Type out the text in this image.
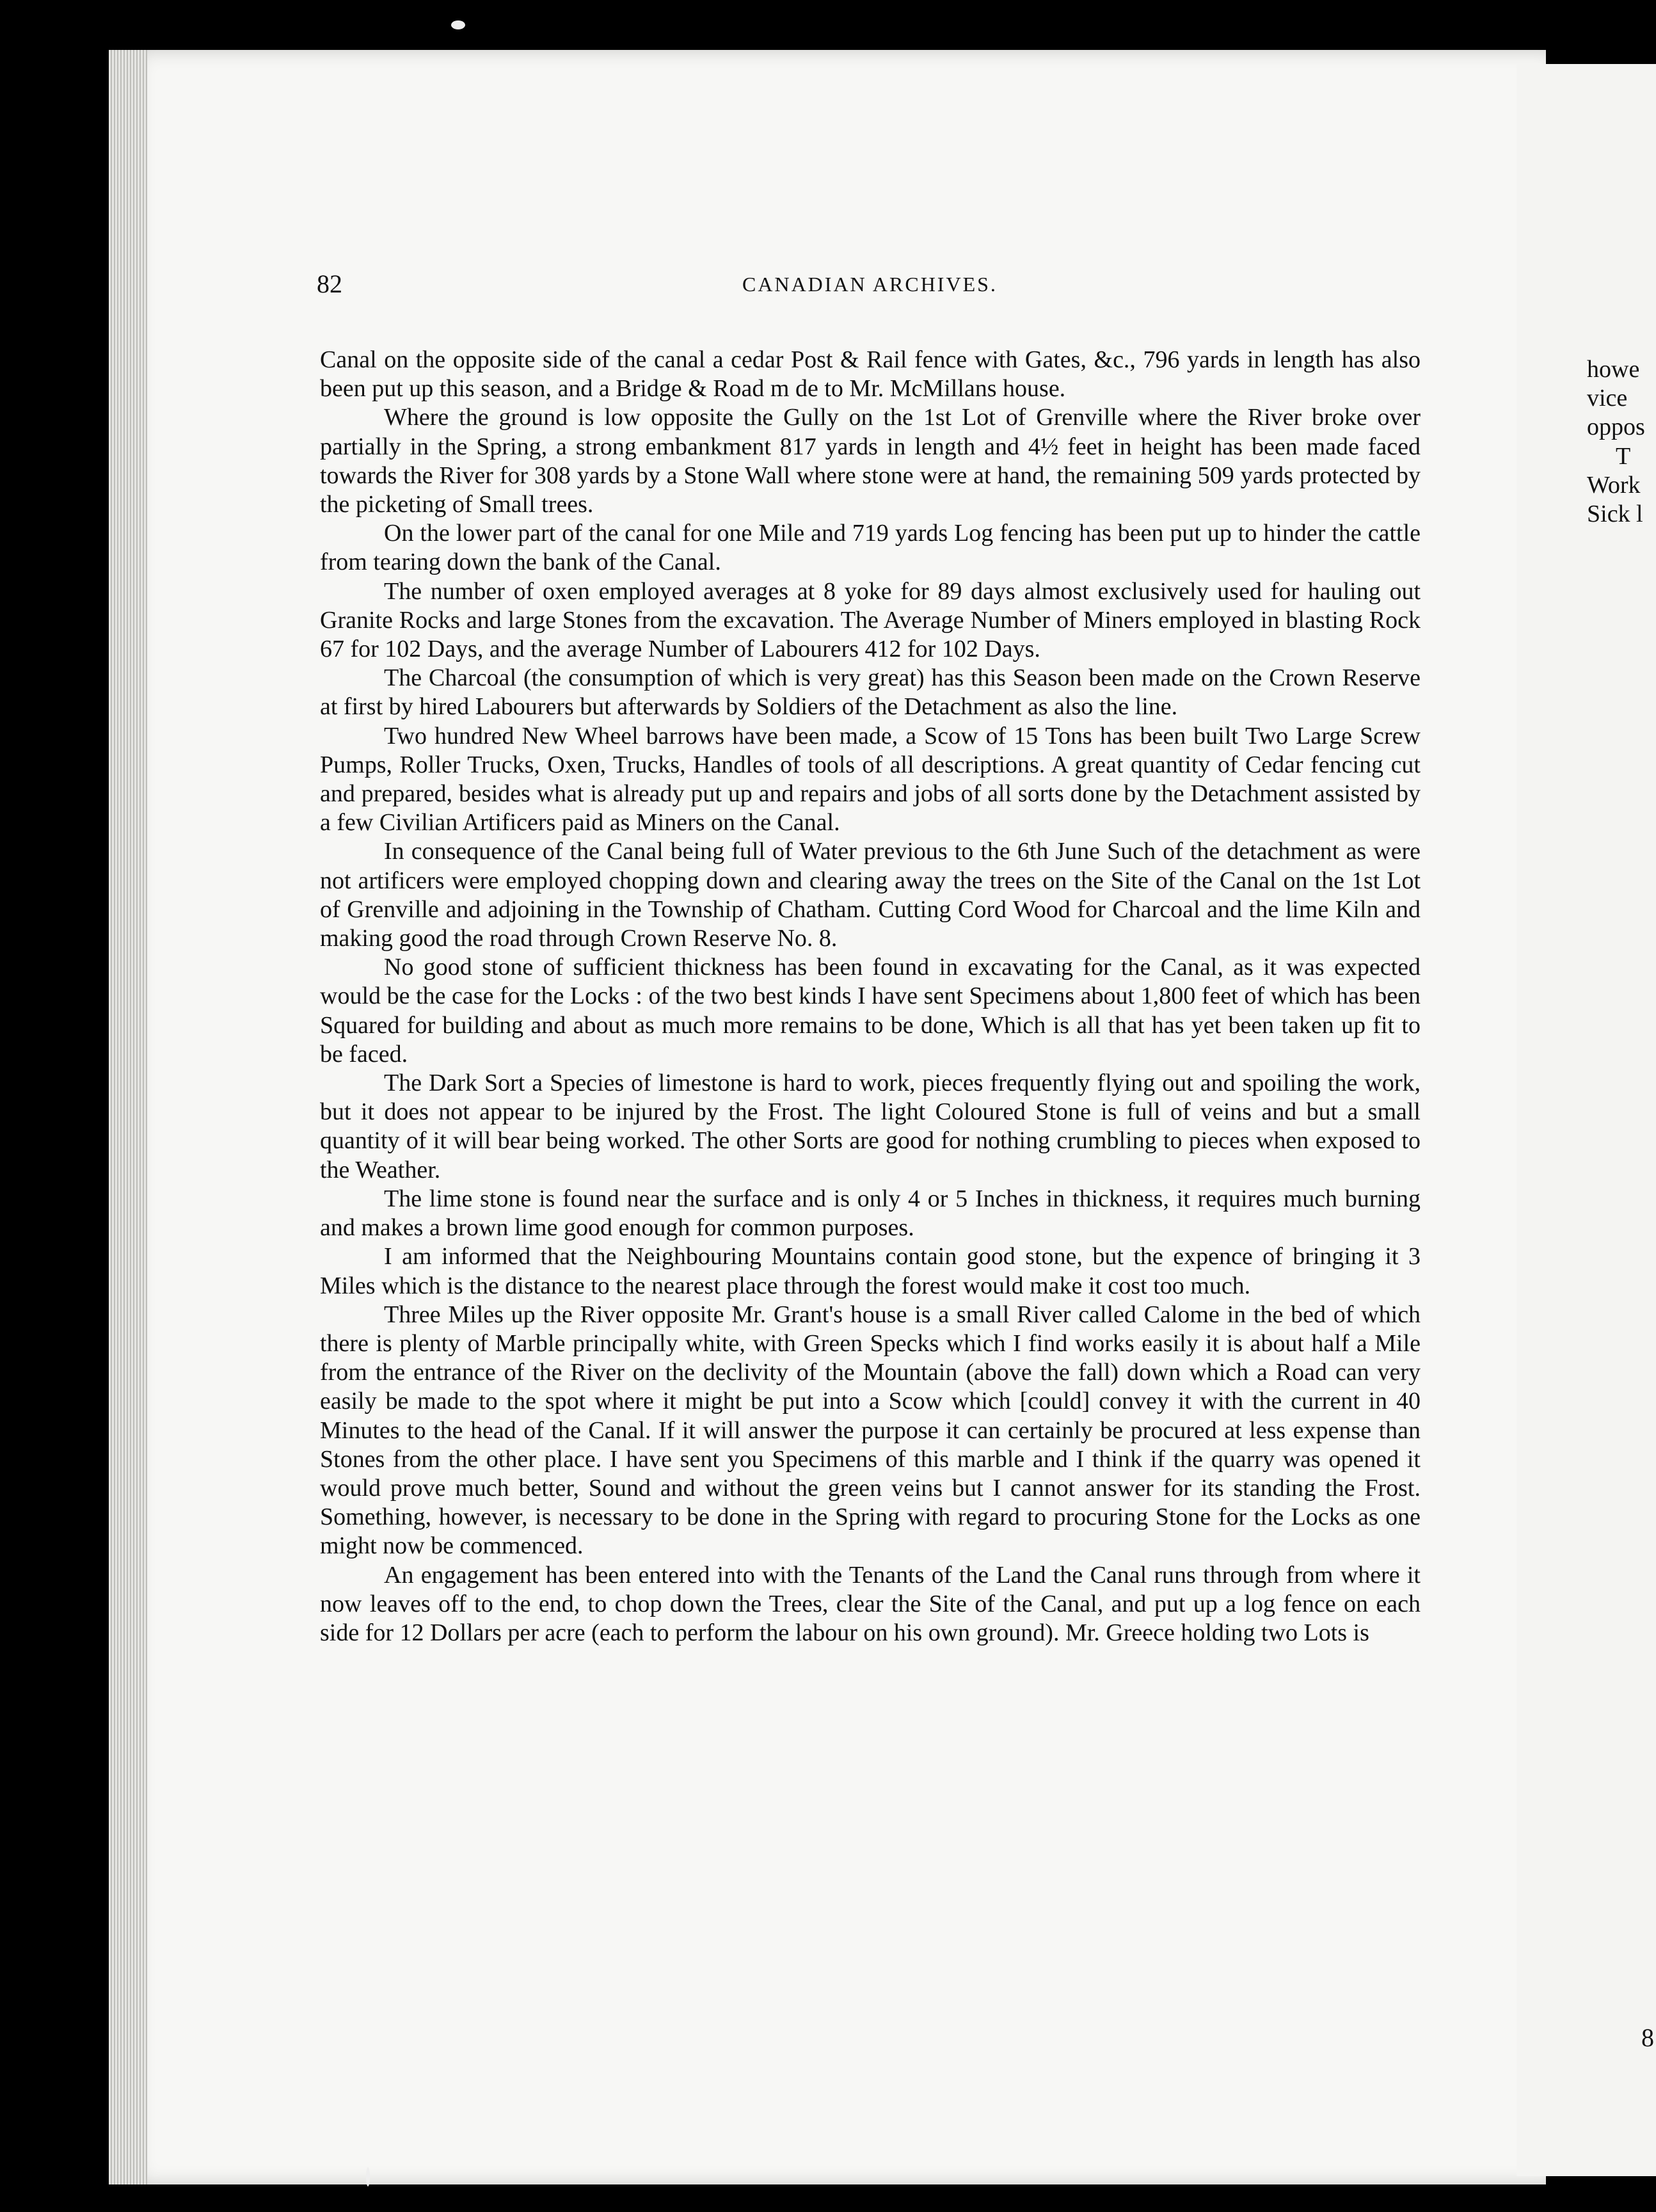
82	CANADIAN ARCHIVES.

Canal on the opposite side of the canal a cedar Post & Rail fence with Gates, &c., 796 yards in length has also been put up this season, and a Bridge & Road m de to Mr. McMillans house.

Where the ground is low opposite the Gully on the 1st Lot of Grenville where the River broke over partially in the Spring, a strong embankment 817 yards in length and 4½ feet in height has been made faced towards the River for 308 yards by a Stone Wall where stone were at hand, the remaining 509 yards protected by the picketing of Small trees.

On the lower part of the canal for one Mile and 719 yards Log fencing has been put up to hinder the cattle from tearing down the bank of the Canal.

The number of oxen employed averages at 8 yoke for 89 days almost exclusively used for hauling out Granite Rocks and large Stones from the excavation. The Average Number of Miners employed in blasting Rock 67 for 102 Days, and the average Number of Labourers 412 for 102 Days.

The Charcoal (the consumption of which is very great) has this Season been made on the Crown Reserve at first by hired Labourers but afterwards by Soldiers of the Detachment as also the line.

Two hundred New Wheel barrows have been made, a Scow of 15 Tons has been built Two Large Screw Pumps, Roller Trucks, Oxen, Trucks, Handles of tools of all descriptions. A great quantity of Cedar fencing cut and prepared, besides what is already put up and repairs and jobs of all sorts done by the Detachment assisted by a few Civilian Artificers paid as Miners on the Canal.

In consequence of the Canal being full of Water previous to the 6th June Such of the detachment as were not artificers were employed chopping down and clearing away the trees on the Site of the Canal on the 1st Lot of Grenville and adjoining in the Township of Chatham. Cutting Cord Wood for Charcoal and the lime Kiln and making good the road through Crown Reserve No. 8.

No good stone of sufficient thickness has been found in excavating for the Canal, as it was expected would be the case for the Locks : of the two best kinds I have sent Specimens about 1,800 feet of which has been Squared for building and about as much more remains to be done, Which is all that has yet been taken up fit to be faced.

The Dark Sort a Species of limestone is hard to work, pieces frequently flying out and spoiling the work, but it does not appear to be injured by the Frost. The light Coloured Stone is full of veins and but a small quantity of it will bear being worked. The other Sorts are good for nothing crumbling to pieces when exposed to the Weather.

The lime stone is found near the surface and is only 4 or 5 Inches in thickness, it requires much burning and makes a brown lime good enough for common purposes.

I am informed that the Neighbouring Mountains contain good stone, but the expence of bringing it 3 Miles which is the distance to the nearest place through the forest would make it cost too much.

Three Miles up the River opposite Mr. Grant's house is a small River called Calome in the bed of which there is plenty of Marble principally white, with Green Specks which I find works easily it is about half a Mile from the entrance of the River on the declivity of the Mountain (above the fall) down which a Road can very easily be made to the spot where it might be put into a Scow which [could] convey it with the current in 40 Minutes to the head of the Canal. If it will answer the purpose it can certainly be procured at less expense than Stones from the other place. I have sent you Specimens of this marble and I think if the quarry was opened it would prove much better, Sound and without the green veins but I cannot answer for its standing the Frost. Something, however, is necessary to be done in the Spring with regard to procuring Stone for the Locks as one might now be commenced.

An engagement has been entered into with the Tenants of the Land the Canal runs through from where it now leaves off to the end, to chop down the Trees, clear the Site of the Canal, and put up a log fence on each side for 12 Dollars per acre (each to perform the labour on his own ground). Mr. Greece holding two Lots is

howe
vice
oppos
T
Work
Sick l
8
